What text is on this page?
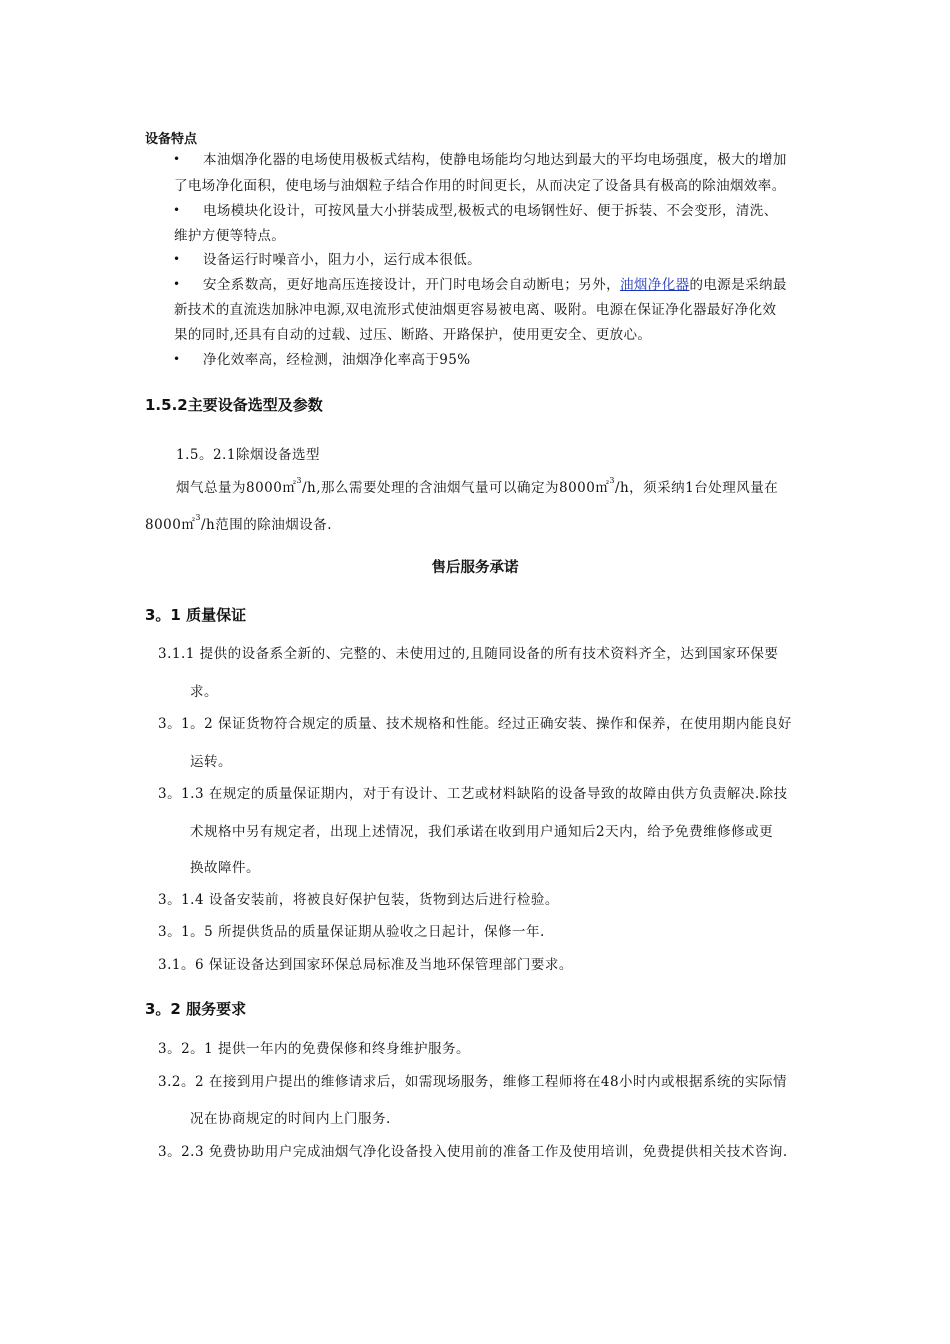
设备特点
•	本油烟净化器的电场使用极板式结构，使静电场能均匀地达到最大的平均电场强度，极大的增加
了电场净化面积，使电场与油烟粒子结合作用的时间更长，从而决定了设备具有极高的除油烟效率。
•	电场模块化设计，可按风量大小拼装成型,极板式的电场钢性好、便于拆装、不会变形，清洗、
维护方便等特点。
•	设备运行时噪音小，阻力小，运行成本很低。
•	安全系数高，更好地高压连接设计，开门时电场会自动断电；另外，油烟净化器的电源是采纳最
新技术的直流迭加脉冲电源,双电流形式使油烟更容易被电离、吸附。电源在保证净化器最好净化效
果的同时,还具有自动的过载、过压、断路、开路保护，使用更安全、更放心。
•	净化效率高，经检测，油烟净化率高于95%
1.5.2主要设备选型及参数
1.5。2.1除烟设备选型
烟气总量为8000㎡$^3$/h,那么需要处理的含油烟气量可以确定为8000㎡$^3$/h，须采纳1台处理风量在
8000㎡$^3$/h范围的除油烟设备.
售后服务承诺
3。1 质量保证
3.1.1 提供的设备系全新的、完整的、未使用过的,且随同设备的所有技术资料齐全，达到国家环保要
求。
3。1。2 保证货物符合规定的质量、技术规格和性能。经过正确安装、操作和保养，在使用期内能良好
运转。
3。1.3 在规定的质量保证期内，对于有设计、工艺或材料缺陷的设备导致的故障由供方负责解决.除技
术规格中另有规定者，出现上述情况，我们承诺在收到用户通知后2天内，给予免费维修修或更
换故障件。
3。1.4 设备安装前，将被良好保护包装，货物到达后进行检验。
3。1。5 所提供货品的质量保证期从验收之日起计，保修一年.
3.1。6 保证设备达到国家环保总局标准及当地环保管理部门要求。
3。2 服务要求
3。2。1 提供一年内的免费保修和终身维护服务。
3.2。2 在接到用户提出的维修请求后，如需现场服务，维修工程师将在48小时内或根据系统的实际情
况在协商规定的时间内上门服务.
3。2.3 免费协助用户完成油烟气净化设备投入使用前的准备工作及使用培训，免费提供相关技术咨询.
